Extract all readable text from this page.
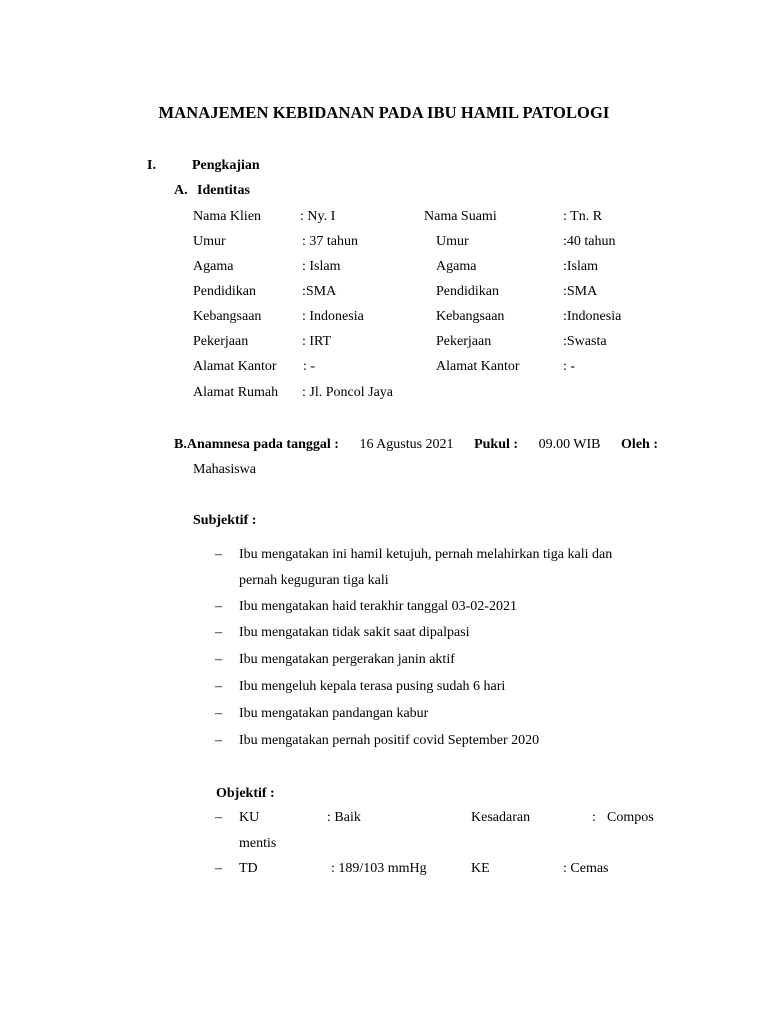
MANAJEMEN KEBIDANAN PADA IBU HAMIL PATOLOGI
I.	Pengkajian
A. Identitas
Nama Klien	: Ny. I	Nama Suami	: Tn. R
Umur	: 37 tahun	Umur	:40 tahun
Agama	: Islam	Agama	:Islam
Pendidikan	:SMA	Pendidikan	:SMA
Kebangsaan	: Indonesia	Kebangsaan	:Indonesia
Pekerjaan	: IRT	Pekerjaan	:Swasta
Alamat Kantor : -	Alamat Kantor	: -
Alamat Rumah : Jl. Poncol Jaya
B.Anamnesa pada tanggal : 16 Agustus 2021 Pukul : 09.00 WIB Oleh :
Mahasiswa
Subjektif :
– Ibu mengatakan ini hamil ketujuh, pernah melahirkan tiga kali dan
pernah keguguran tiga kali
– Ibu mengatakan haid terakhir tanggal 03-02-2021
– Ibu mengatakan tidak sakit saat dipalpasi
– Ibu mengatakan pergerakan janin aktif
– Ibu mengeluh kepala terasa pusing sudah 6 hari
– Ibu mengatakan pandangan kabur
– Ibu mengatakan pernah positif covid September 2020
Objektif :
– KU	: Baik	Kesadaran	: Compos
mentis
– TD	: 189/103 mmHg	KE	: Cemas
